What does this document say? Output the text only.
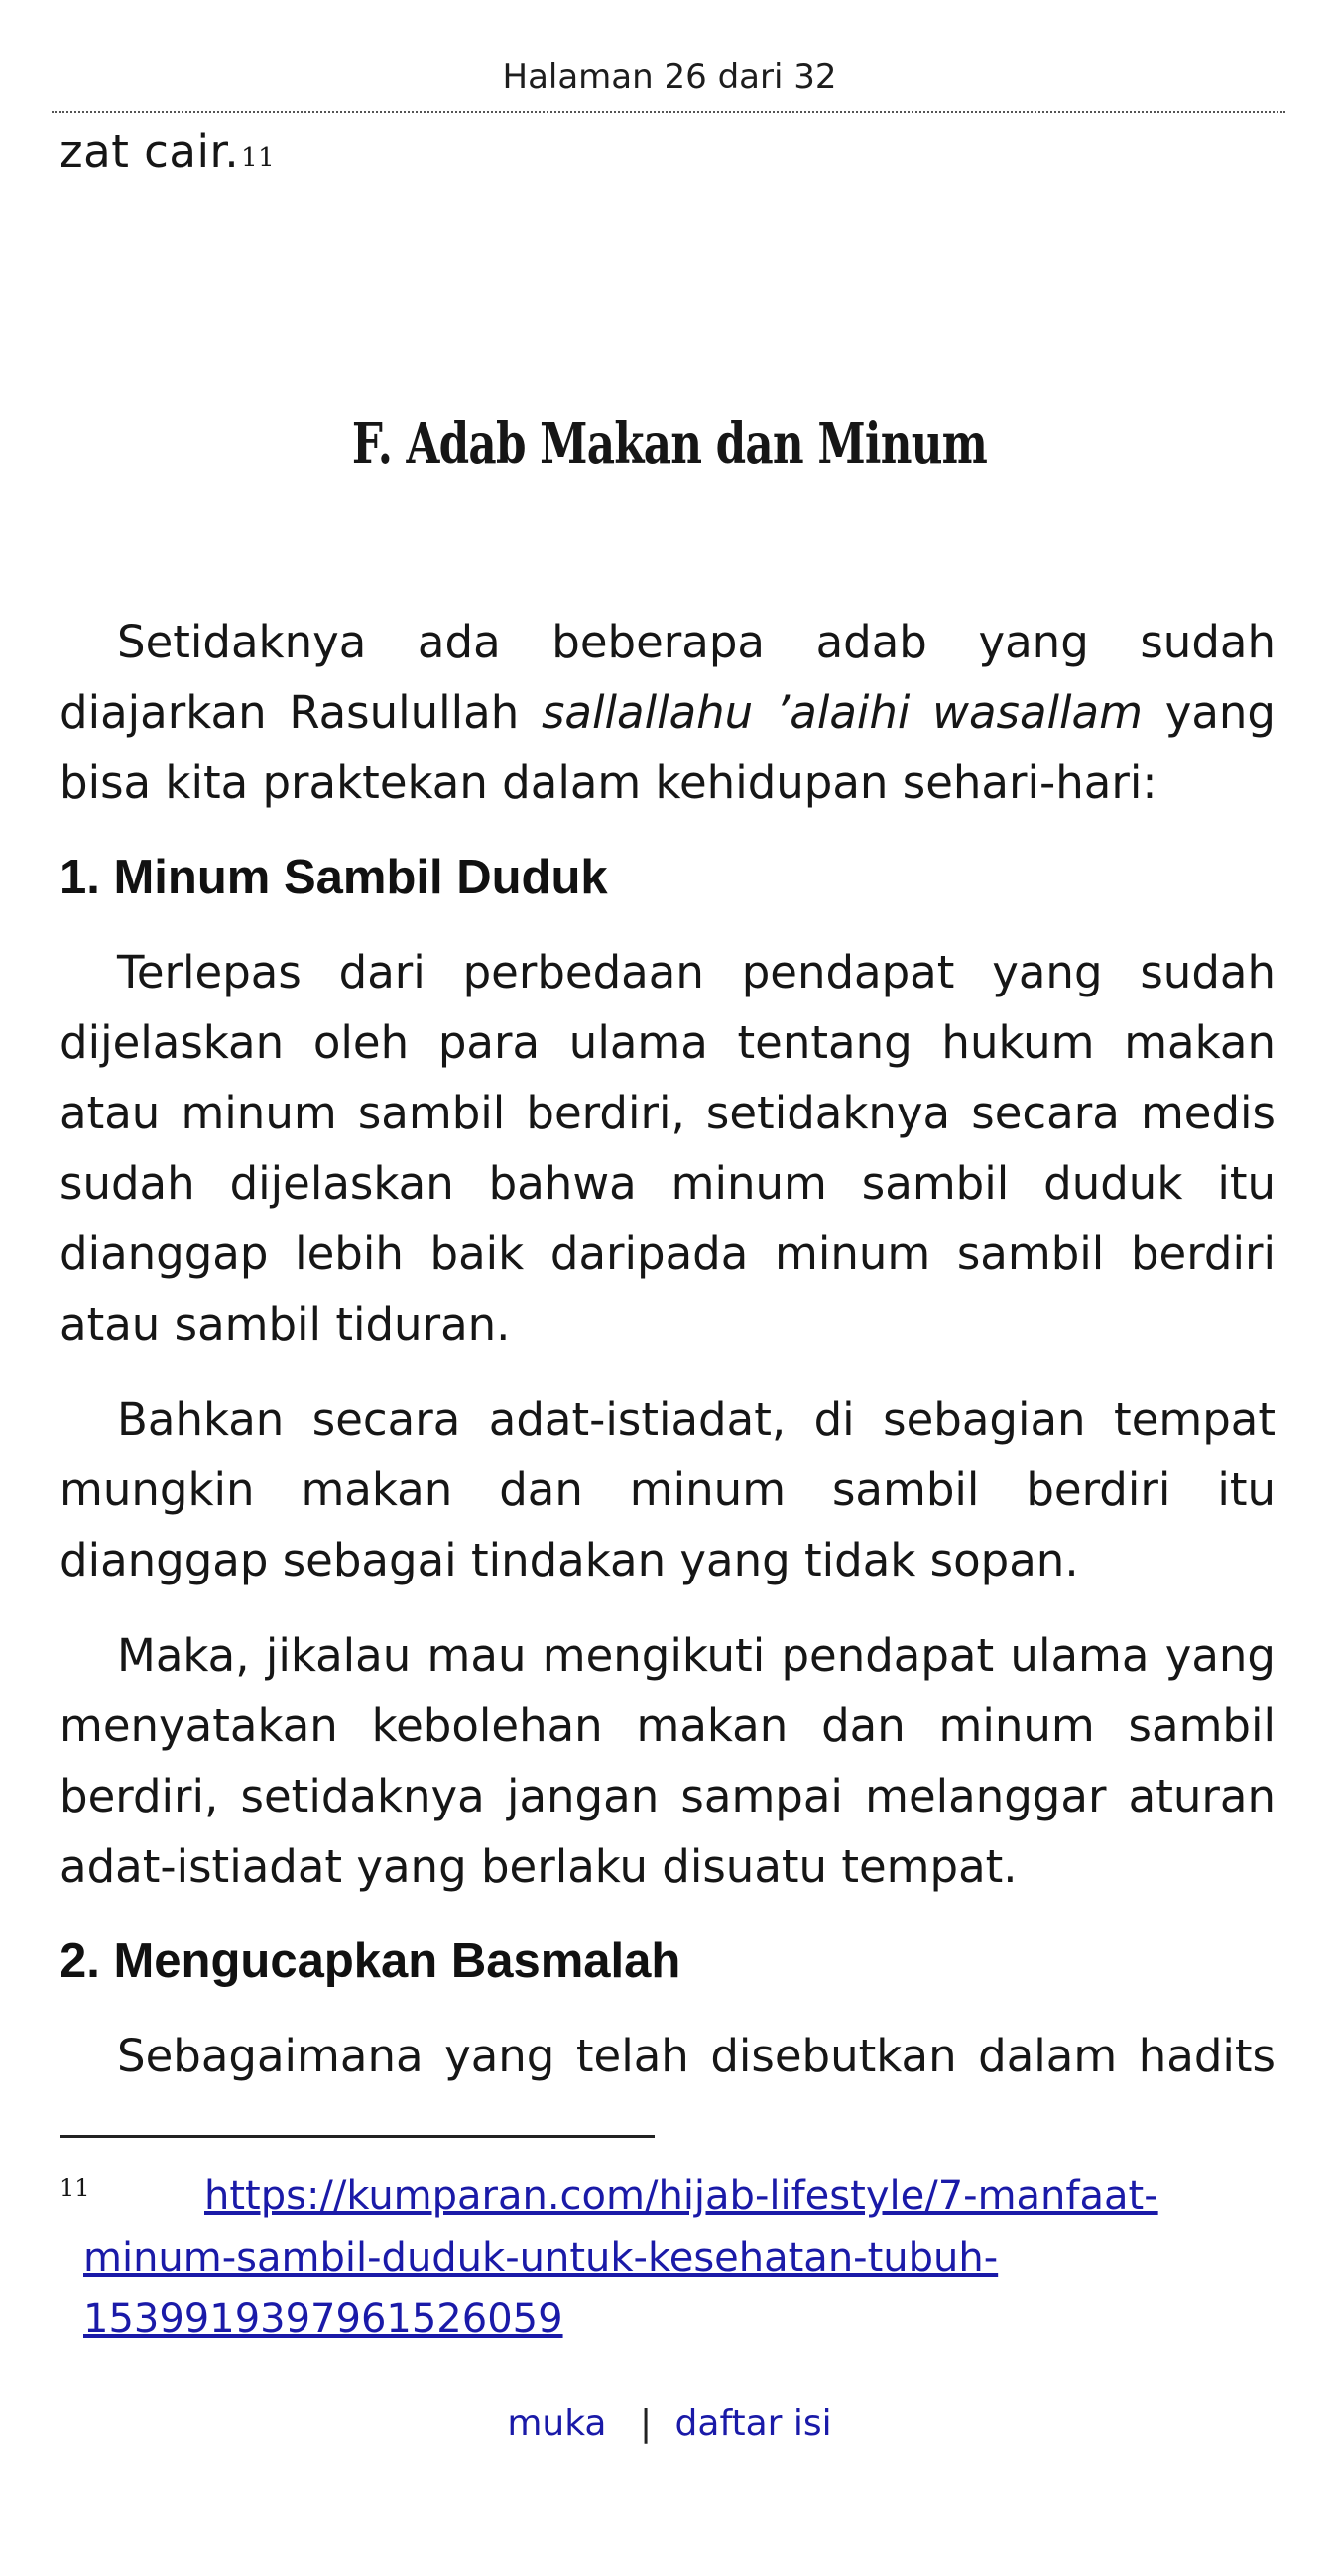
Halaman 26 dari 32
zat cair.$^{11}$
F. Adab Makan dan Minum

Setidaknya ada beberapa adab yang sudah diajarkan Rasulullah sallallahu ’alaihi wasallam yang bisa kita praktekan dalam kehidupan sehari-hari:

1. Minum Sambil Duduk

Terlepas dari perbedaan pendapat yang sudah dijelaskan oleh para ulama tentang hukum makan atau minum sambil berdiri, setidaknya secara medis sudah dijelaskan bahwa minum sambil duduk itu dianggap lebih baik daripada minum sambil berdiri atau sambil tiduran.

Bahkan secara adat-istiadat, di sebagian tempat mungkin makan dan minum sambil berdiri itu dianggap sebagai tindakan yang tidak sopan.

Maka, jikalau mau mengikuti pendapat ulama yang menyatakan kebolehan makan dan minum sambil berdiri, setidaknya jangan sampai melanggar aturan adat-istiadat yang berlaku disuatu tempat.

2. Mengucapkan Basmalah

Sebagaimana yang telah disebutkan dalam hadits

11	https://kumparan.com/hijab-lifestyle/7-manfaat-minum-sambil-duduk-untuk-kesehatan-tubuh-1539919397961526059
muka | daftar isi
